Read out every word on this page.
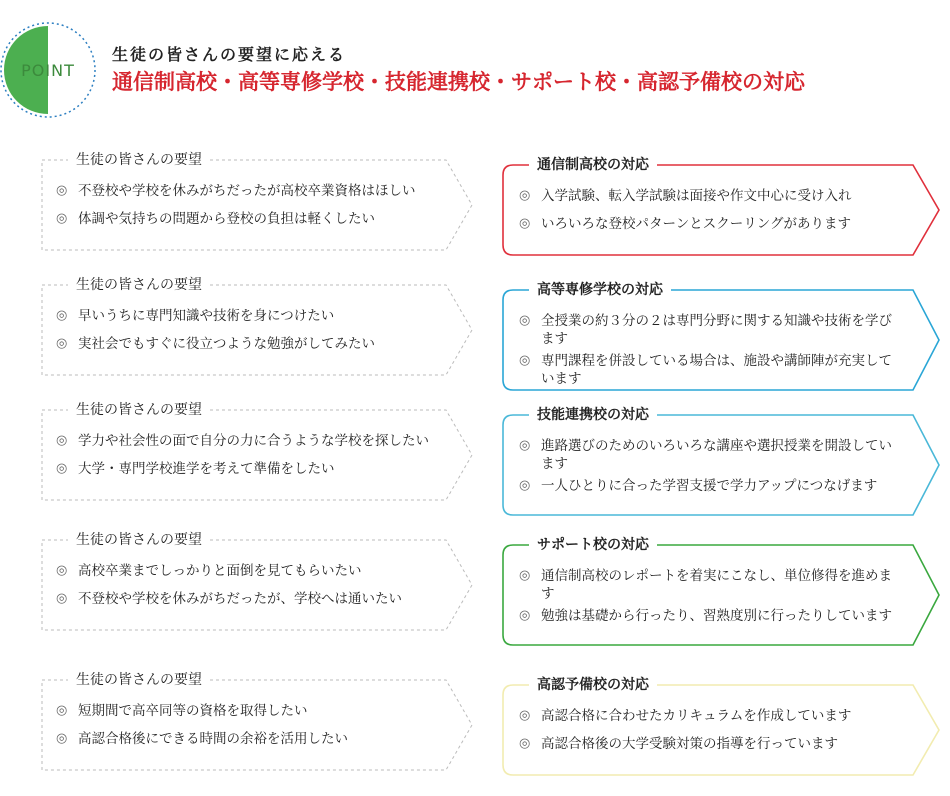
POINT
生徒の皆さんの要望に応える
通信制高校・高等専修学校・技能連携校・サポート校・高認予備校の対応
生徒の皆さんの要望
◎ 不登校や学校を休みがちだったが高校卒業資格はほしい
◎ 体調や気持ちの問題から登校の負担は軽くしたい
通信制高校の対応
◎ 入学試験、転入学試験は面接や作文中心に受け入れ
◎ いろいろな登校パターンとスクーリングがあります
生徒の皆さんの要望
◎ 早いうちに専門知識や技術を身につけたい
◎ 実社会でもすぐに役立つような勉強がしてみたい
高等専修学校の対応
◎ 全授業の約３分の２は専門分野に関する知識や技術を学びます
◎ 専門課程を併設している場合は、施設や講師陣が充実しています
生徒の皆さんの要望
◎ 学力や社会性の面で自分の力に合うような学校を探したい
◎ 大学・専門学校進学を考えて準備をしたい
技能連携校の対応
◎ 進路選びのためのいろいろな講座や選択授業を開設しています
◎ 一人ひとりに合った学習支援で学力アップにつなげます
生徒の皆さんの要望
◎ 高校卒業までしっかりと面倒を見てもらいたい
◎ 不登校や学校を休みがちだったが、学校へは通いたい
サポート校の対応
◎ 通信制高校のレポートを着実にこなし、単位修得を進めます
◎ 勉強は基礎から行ったり、習熟度別に行ったりしています
生徒の皆さんの要望
◎ 短期間で高卒同等の資格を取得したい
◎ 高認合格後にできる時間の余裕を活用したい
高認予備校の対応
◎ 高認合格に合わせたカリキュラムを作成しています
◎ 高認合格後の大学受験対策の指導を行っています
